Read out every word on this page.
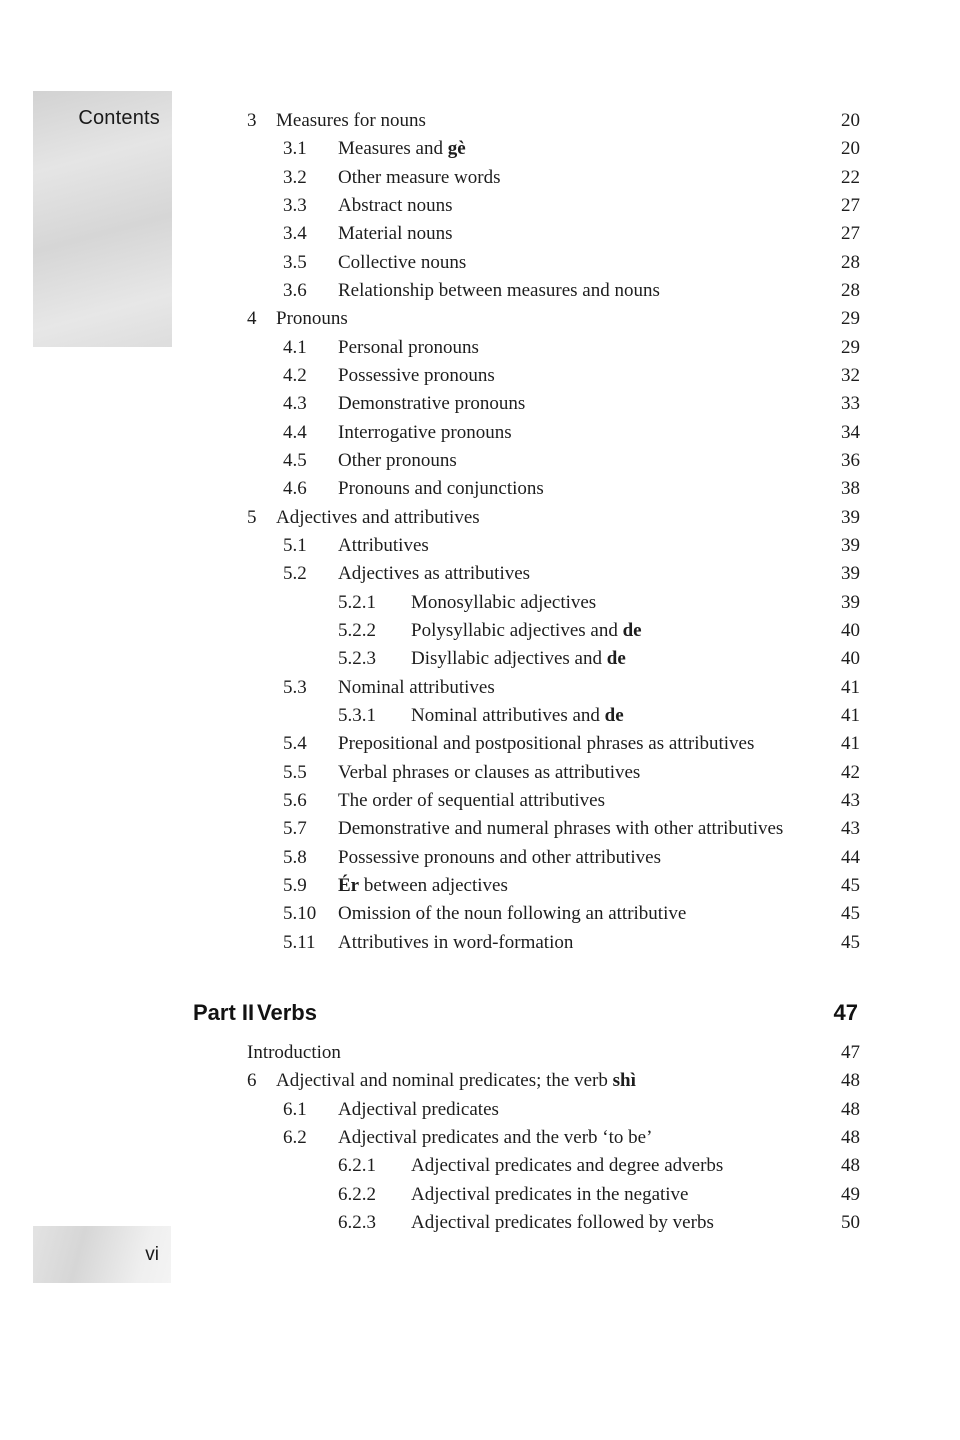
Contents	3	Measures for nouns	20
3.1	Measures and gè	20
3.2	Other measure words	22
3.3	Abstract nouns	27
3.4	Material nouns	27
3.5	Collective nouns	28
3.6	Relationship between measures and nouns	28
4	Pronouns	29
4.1	Personal pronouns	29
4.2	Possessive pronouns	32
4.3	Demonstrative pronouns	33
4.4	Interrogative pronouns	34
4.5	Other pronouns	36
4.6	Pronouns and conjunctions	38
5	Adjectives and attributives	39
5.1	Attributives	39
5.2	Adjectives as attributives	39
5.2.1	Monosyllabic adjectives	39
5.2.2	Polysyllabic adjectives and de	40
5.2.3	Disyllabic adjectives and de	40
5.3	Nominal attributives	41
5.3.1	Nominal attributives and de	41
5.4	Prepositional and postpositional phrases as attributives	41
5.5	Verbal phrases or clauses as attributives	42
5.6	The order of sequential attributives	43
5.7	Demonstrative and numeral phrases with other attributives	43
5.8	Possessive pronouns and other attributives	44
5.9	Ér between adjectives	45
5.10	Omission of the noun following an attributive	45
5.11	Attributives in word-formation	45
Part II Verbs	47
Introduction	47
6	Adjectival and nominal predicates; the verb shì	48
6.1	Adjectival predicates	48
6.2	Adjectival predicates and the verb ‘to be’	48
6.2.1	Adjectival predicates and degree adverbs	48
6.2.2	Adjectival predicates in the negative	49
6.2.3	Adjectival predicates followed by verbs	50
vi
